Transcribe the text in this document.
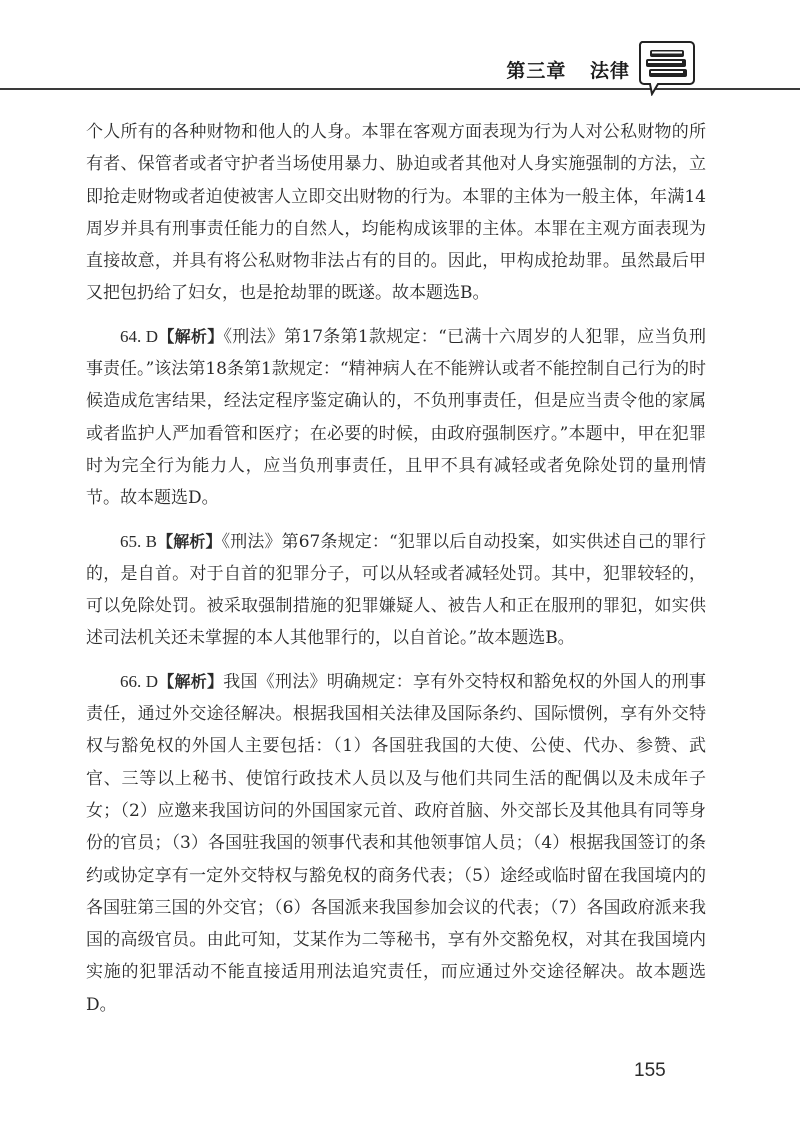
第三章 法律

个人所有的各种财物和他人的人身。本罪在客观方面表现为行为人对公私财物的所有者、保管者或者守护者当场使用暴力、胁迫或者其他对人身实施强制的方法，立即抢走财物或者迫使被害人立即交出财物的行为。本罪的主体为一般主体，年满14周岁并具有刑事责任能力的自然人，均能构成该罪的主体。本罪在主观方面表现为直接故意，并具有将公私财物非法占有的目的。因此，甲构成抢劫罪。虽然最后甲又把包扔给了妇女，也是抢劫罪的既遂。故本题选B。

64. D【解析】《刑法》第17条第1款规定：“已满十六周岁的人犯罪，应当负刑事责任。”该法第18条第1款规定：“精神病人在不能辨认或者不能控制自己行为的时候造成危害结果，经法定程序鉴定确认的，不负刑事责任，但是应当责令他的家属或者监护人严加看管和医疗；在必要的时候，由政府强制医疗。”本题中，甲在犯罪时为完全行为能力人，应当负刑事责任，且甲不具有减轻或者免除处罚的量刑情节。故本题选D。

65. B【解析】《刑法》第67条规定：“犯罪以后自动投案，如实供述自己的罪行的，是自首。对于自首的犯罪分子，可以从轻或者减轻处罚。其中，犯罪较轻的，可以免除处罚。被采取强制措施的犯罪嫌疑人、被告人和正在服刑的罪犯，如实供述司法机关还未掌握的本人其他罪行的，以自首论。”故本题选B。

66. D【解析】我国《刑法》明确规定：享有外交特权和豁免权的外国人的刑事责任，通过外交途径解决。根据我国相关法律及国际条约、国际惯例，享有外交特权与豁免权的外国人主要包括：（1）各国驻我国的大使、公使、代办、参赞、武官、三等以上秘书、使馆行政技术人员以及与他们共同生活的配偶以及未成年子女；（2）应邀来我国访问的外国国家元首、政府首脑、外交部长及其他具有同等身份的官员；（3）各国驻我国的领事代表和其他领事馆人员；（4）根据我国签订的条约或协定享有一定外交特权与豁免权的商务代表；（5）途经或临时留在我国境内的各国驻第三国的外交官；（6）各国派来我国参加会议的代表；（7）各国政府派来我国的高级官员。由此可知，艾某作为二等秘书，享有外交豁免权，对其在我国境内实施的犯罪活动不能直接适用刑法追究责任，而应通过外交途径解决。故本题选D。

155
